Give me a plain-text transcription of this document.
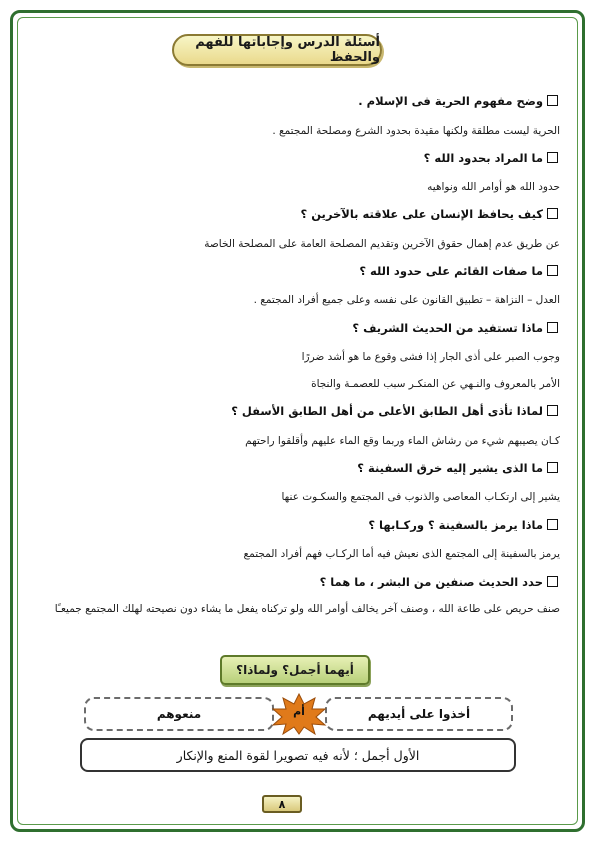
أسئلة الدرس وإجاباتها للفهم والحفظ
وضح مفهوم الحرية فى الإسلام .
الحرية ليست مطلقة ولكنها مقيدة بحدود الشرع ومصلحة المجتمع .
ما المراد بحدود الله ؟
حدود الله هو أوامر الله ونواهيه
كيف يحافظ الإنسان على علاقته بالآخرين ؟
عن طريق عدم إهمال حقوق الآخرين وتقديم المصلحة العامة على المصلحة الخاصة
ما صفات القائم على حدود الله ؟
العدل – النزاهة – تطبيق القانون على نفسه وعلى جميع أفراد المجتمع .
ماذا تستفيد من الحديث الشريف ؟
وجوب الصبر على أذى الجار إذا فشى وقوع ما هو أشد ضررًا
الأمر بالمعروف والنـهي عن المنكـر سبب للعصمـة والنجاة
لماذا تأذى أهل الطابق الأعلى من أهل الطابق الأسفل ؟
كـان يصيبهم شيء من رشاش الماء وربما وقع الماء عليهم وأقلقوا راحتهم
ما الذى يشير إليه خرق السفينة ؟
يشير إلى ارتكـاب المعاصى والذنوب فى المجتمع والسكـوت عنها
ماذا يرمز بالسفينة ؟ وركـابها ؟
يرمز بالسفينة إلى المجتمع الذى نعيش فيه أما الركـاب فهم أفراد المجتمع
حدد الحديث صنفين من البشر ، ما هما ؟
صنف حريص على طاعة الله ، وصنف آخر يخالف أوامر الله ولو تركناه يفعل ما يشاء دون نصيحته لهلك المجتمع جميعـًا
أيهما أجمل؟ ولماذا؟
أخذوا على أيديهم
منعوهم	أم
الأول أجمل ؛ لأنه فيه تصويرا لقوة المنع والإنكار
٨
